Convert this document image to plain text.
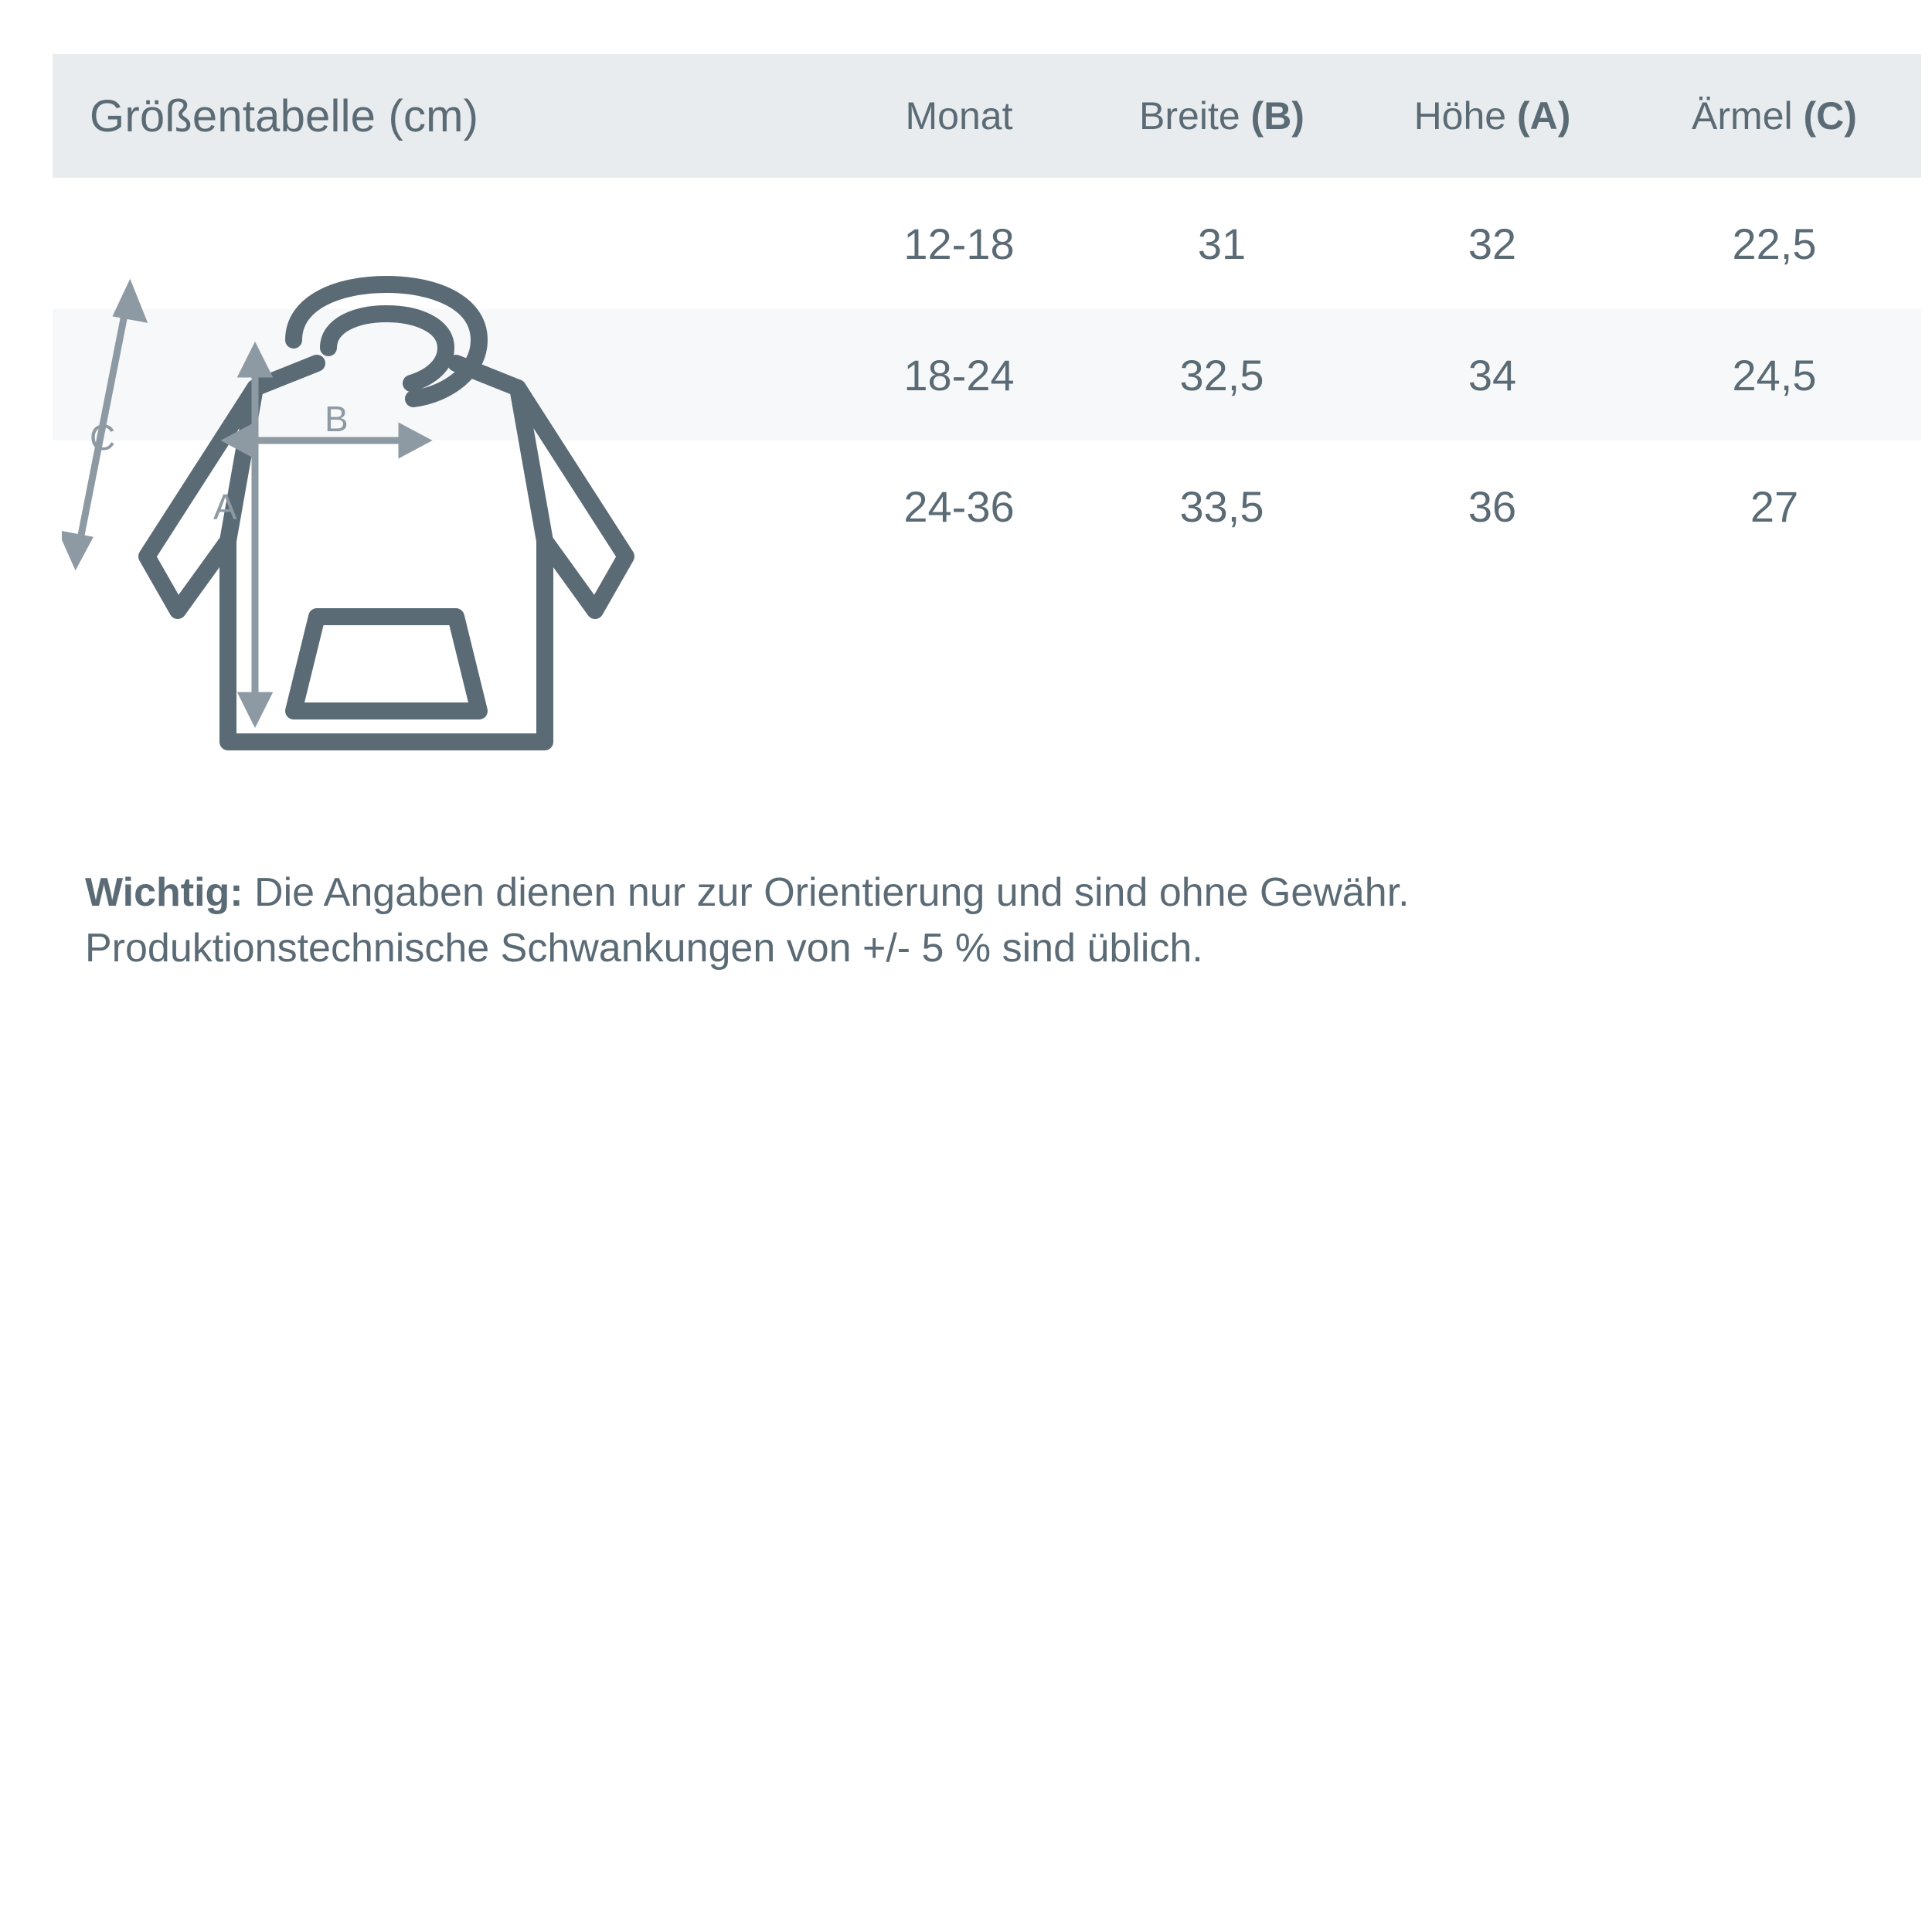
Größentabelle (cm)	Monat	Breite (B)	Höhe (A)	Ärmel (C)
	12-18	31	32	22,5
	18-24	32,5	34	24,5
	24-36	33,5	36	27
B
A
C
Wichtig: Die Angaben dienen nur zur Orientierung und sind ohne Gewähr.
Produktionstechnische Schwankungen von +/- 5 % sind üblich.
